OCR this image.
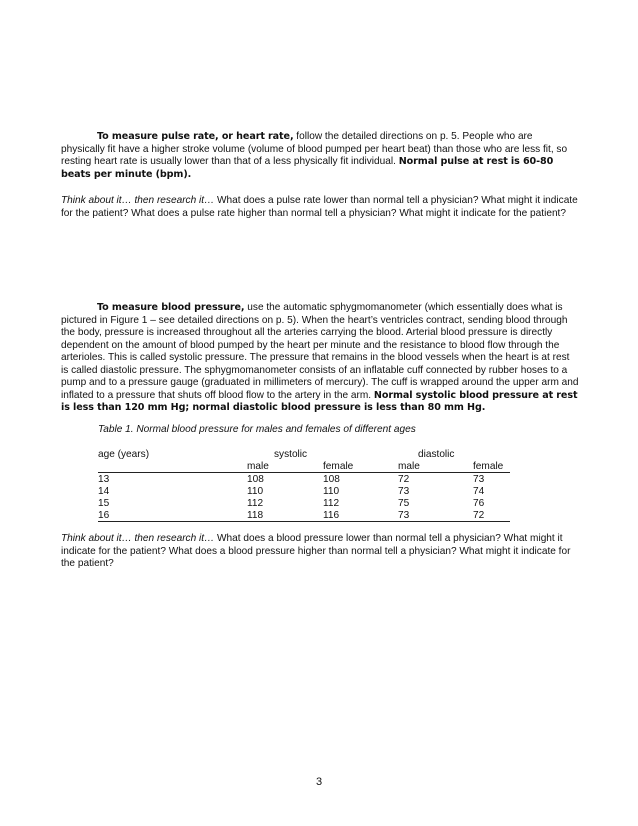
To measure pulse rate, or heart rate, follow the detailed directions on p. 5. People who are physically fit have a higher stroke volume (volume of blood pumped per heart beat) than those who are less fit, so resting heart rate is usually lower than that of a less physically fit individual. Normal pulse at rest is 60-80 beats per minute (bpm).
Think about it… then research it… What does a pulse rate lower than normal tell a physician? What might it indicate for the patient? What does a pulse rate higher than normal tell a physician? What might it indicate for the patient?
To measure blood pressure, use the automatic sphygmomanometer (which essentially does what is pictured in Figure 1 – see detailed directions on p. 5). When the heart’s ventricles contract, sending blood through the body, pressure is increased throughout all the arteries carrying the blood. Arterial blood pressure is directly dependent on the amount of blood pumped by the heart per minute and the resistance to blood flow through the arterioles. This is called systolic pressure. The pressure that remains in the blood vessels when the heart is at rest is called diastolic pressure. The sphygmomanometer consists of an inflatable cuff connected by rubber hoses to a pump and to a pressure gauge (graduated in millimeters of mercury). The cuff is wrapped around the upper arm and inflated to a pressure that shuts off blood flow to the artery in the arm. Normal systolic blood pressure at rest is less than 120 mm Hg; normal diastolic blood pressure is less than 80 mm Hg.
Table 1. Normal blood pressure for males and females of different ages
age (years)	systolic	diastolic
male	female	male	female
13	108	108	72	73
14	110	110	73	74
15	112	112	75	76
16	118	116	73	72
Think about it… then research it… What does a blood pressure lower than normal tell a physician? What might it indicate for the patient? What does a blood pressure higher than normal tell a physician? What might it indicate for the patient?
3
